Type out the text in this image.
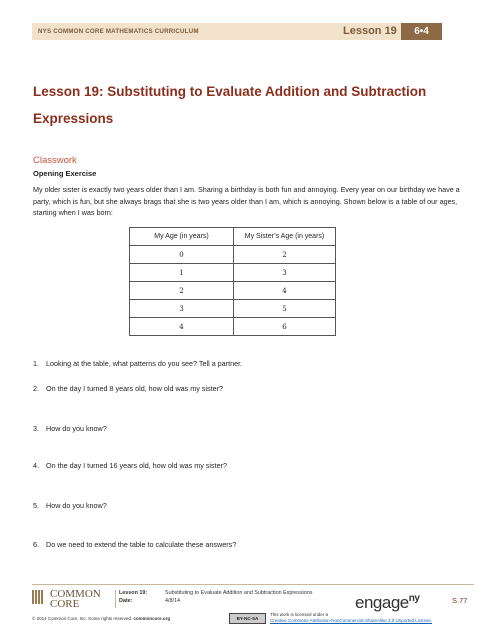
NYS COMMON CORE MATHEMATICS CURRICULUM	Lesson 19	6•4
Lesson 19: Substituting to Evaluate Addition and Subtraction
Expressions
Classwork
Opening Exercise
My older sister is exactly two years older than I am. Sharing a birthday is both fun and annoying. Every year on our birthday we have a party, which is fun, but she always brags that she is two years older than I am, which is annoying. Shown below is a table of our ages, starting when I was born:
My Age (in years)	My Sister’s Age (in years)
0	2
1	3
2	4
3	5
4	6
1. Looking at the table, what patterns do you see? Tell a partner.
2. On the day I turned 8 years old, how old was my sister?
3. How do you know?
4. On the day I turned 16 years old, how old was my sister?
5. How do you know?
6. Do we need to extend the table to calculate these answers?
COMMON
CORE
Lesson 19:
Date:
Substituting to Evaluate Addition and Subtraction Expressions
4/8/14
© 2014 Common Core, Inc. Some rights reserved. commoncore.org	BY-NC-SA
This work is licensed under a
Creative Commons Attribution-NonCommercial-ShareAlike 3.0 Unported License.
engage$^{ny}$	S.77
